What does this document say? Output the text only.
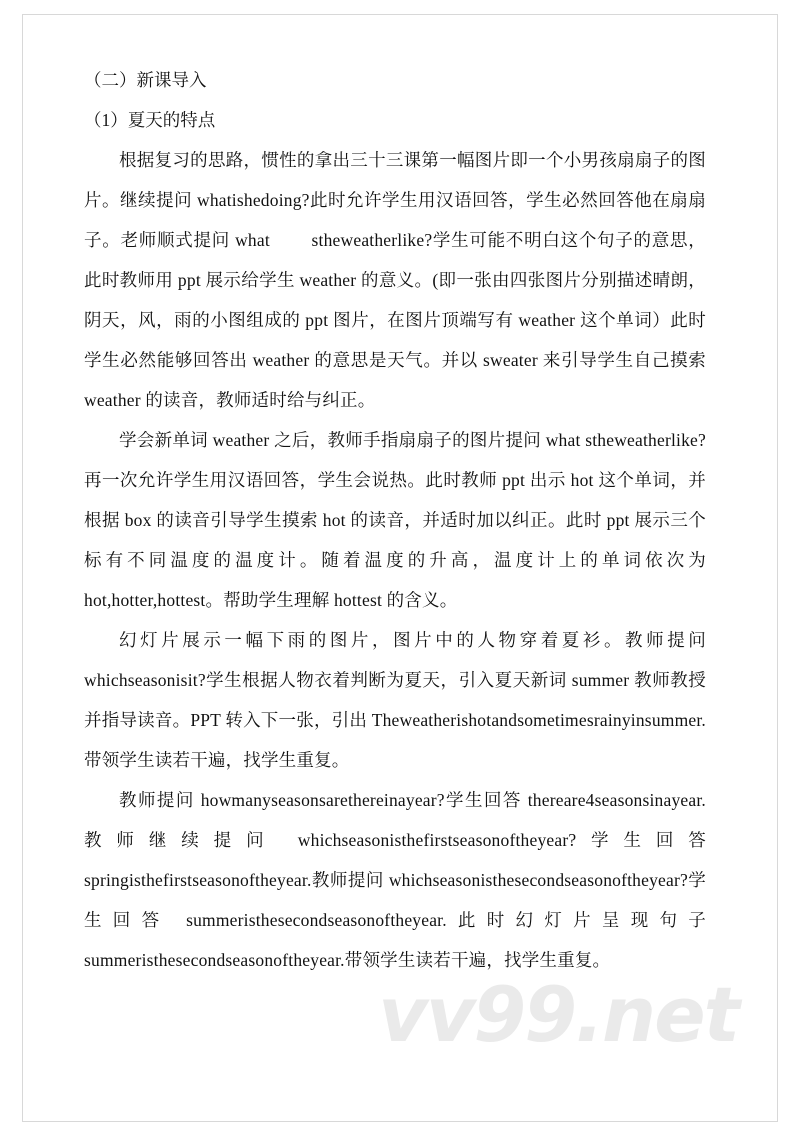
（二）新课导入

（1）夏天的特点

根据复习的思路，惯性的拿出三十三课第一幅图片即一个小男孩扇扇子的图片。继续提问 whatishedoing?此时允许学生用汉语回答，学生必然回答他在扇扇子。老师顺式提问 what 　　stheweatherlike?学生可能不明白这个句子的意思，此时教师用 ppt 展示给学生 weather 的意义。(即一张由四张图片分别描述晴朗，阴天，风，雨的小图组成的 ppt 图片，在图片顶端写有 weather 这个单词）此时学生必然能够回答出 weather 的意思是天气。并以 sweater 来引导学生自己摸索 weather 的读音，教师适时给与纠正。

学会新单词 weather 之后，教师手指扇扇子的图片提问 what stheweatherlike?再一次允许学生用汉语回答，学生会说热。此时教师 ppt 出示 hot 这个单词，并根据 box 的读音引导学生摸索 hot 的读音，并适时加以纠正。此时 ppt 展示三个标有不同温度的温度计。随着温度的升高，温度计上的单词依次为 hot,hotter,hottest。帮助学生理解 hottest 的含义。

幻灯片展示一幅下雨的图片，图片中的人物穿着夏衫。教师提问 whichseasonisit?学生根据人物衣着判断为夏天，引入夏天新词 summer 教师教授并指导读音。PPT 转入下一张，引出 Theweatherishotandsometimesrainyinsummer.带领学生读若干遍，找学生重复。

教师提问 howmanyseasonsarethereinayear?学生回答 thereare4seasonsinayear.教师继续提问 whichseasonisthefirstseasonoftheyear?学生回答 springisthefirstseasonoftheyear.教师提问 whichseasonisthesecondseasonoftheyear?学生回答 summeristhesecondseasonoftheyear.此时幻灯片呈现句子 summeristhesecondseasonoftheyear.带领学生读若干遍，找学生重复。

vv99.net
